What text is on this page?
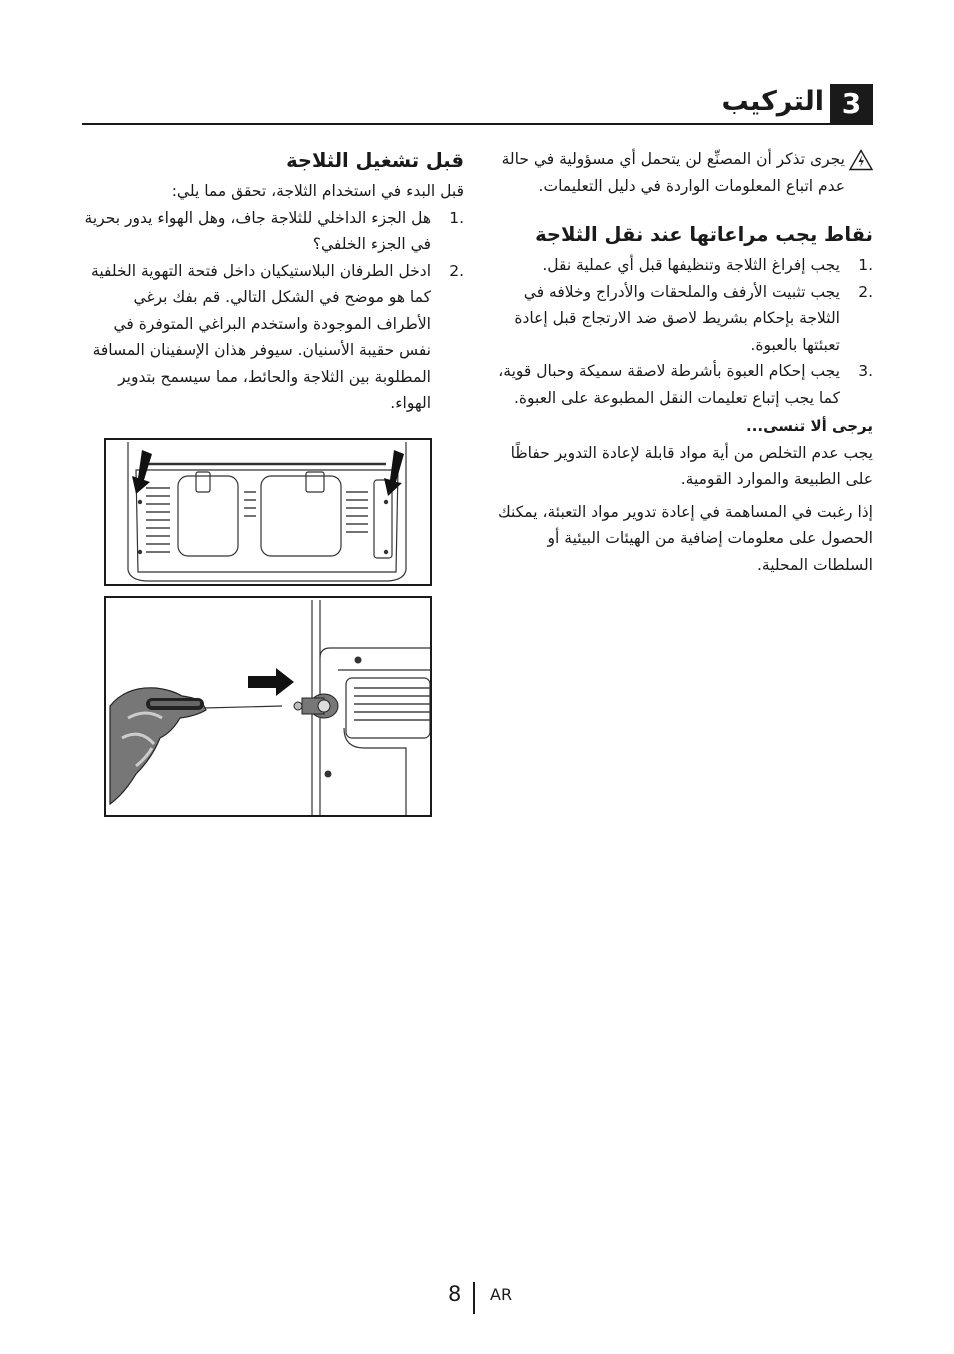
التركيب 3

يجرى تذكر أن المصنِّع لن يتحمل أي مسؤولية في حالة عدم اتباع المعلومات الواردة في دليل التعليمات.

نقاط يجب مراعاتها عند نقل الثلاجة
1.
يجب إفراغ الثلاجة وتنظيفها قبل أي عملية نقل.
2.
يجب تثبيت الأرفف والملحقات والأدراج وخلافه في الثلاجة بإحكام بشريط لاصق ضد الارتجاج قبل إعادة تعبئتها بالعبوة.
3.
يجب إحكام العبوة بأشرطة لاصقة سميكة وحبال قوية، كما يجب إتباع تعليمات النقل المطبوعة على العبوة.
يرجى ألا تنسى...

يجب عدم التخلص من أية مواد قابلة لإعادة التدوير حفاظًا على الطبيعة والموارد القومية.

إذا رغبت في المساهمة في إعادة تدوير مواد التعبئة، يمكنك الحصول على معلومات إضافية من الهيئات البيئية أو السلطات المحلية.

قبل تشغيل الثلاجة

قبل البدء في استخدام الثلاجة، تحقق مما يلي:

1.
هل الجزء الداخلي للثلاجة جاف، وهل الهواء يدور بحرية في الجزء الخلفي؟
2.
ادخل الطرفان البلاستيكيان داخل فتحة التهوية الخلفية كما هو موضح في الشكل التالي. قم بفك برغي الأطراف الموجودة واستخدم البراغي المتوفرة في نفس حقيبة الأسنيان. سيوفر هذان الإسفينان المسافة المطلوبة بين الثلاجة والحائط، مما سيسمح بتدوير الهواء.
8 AR
